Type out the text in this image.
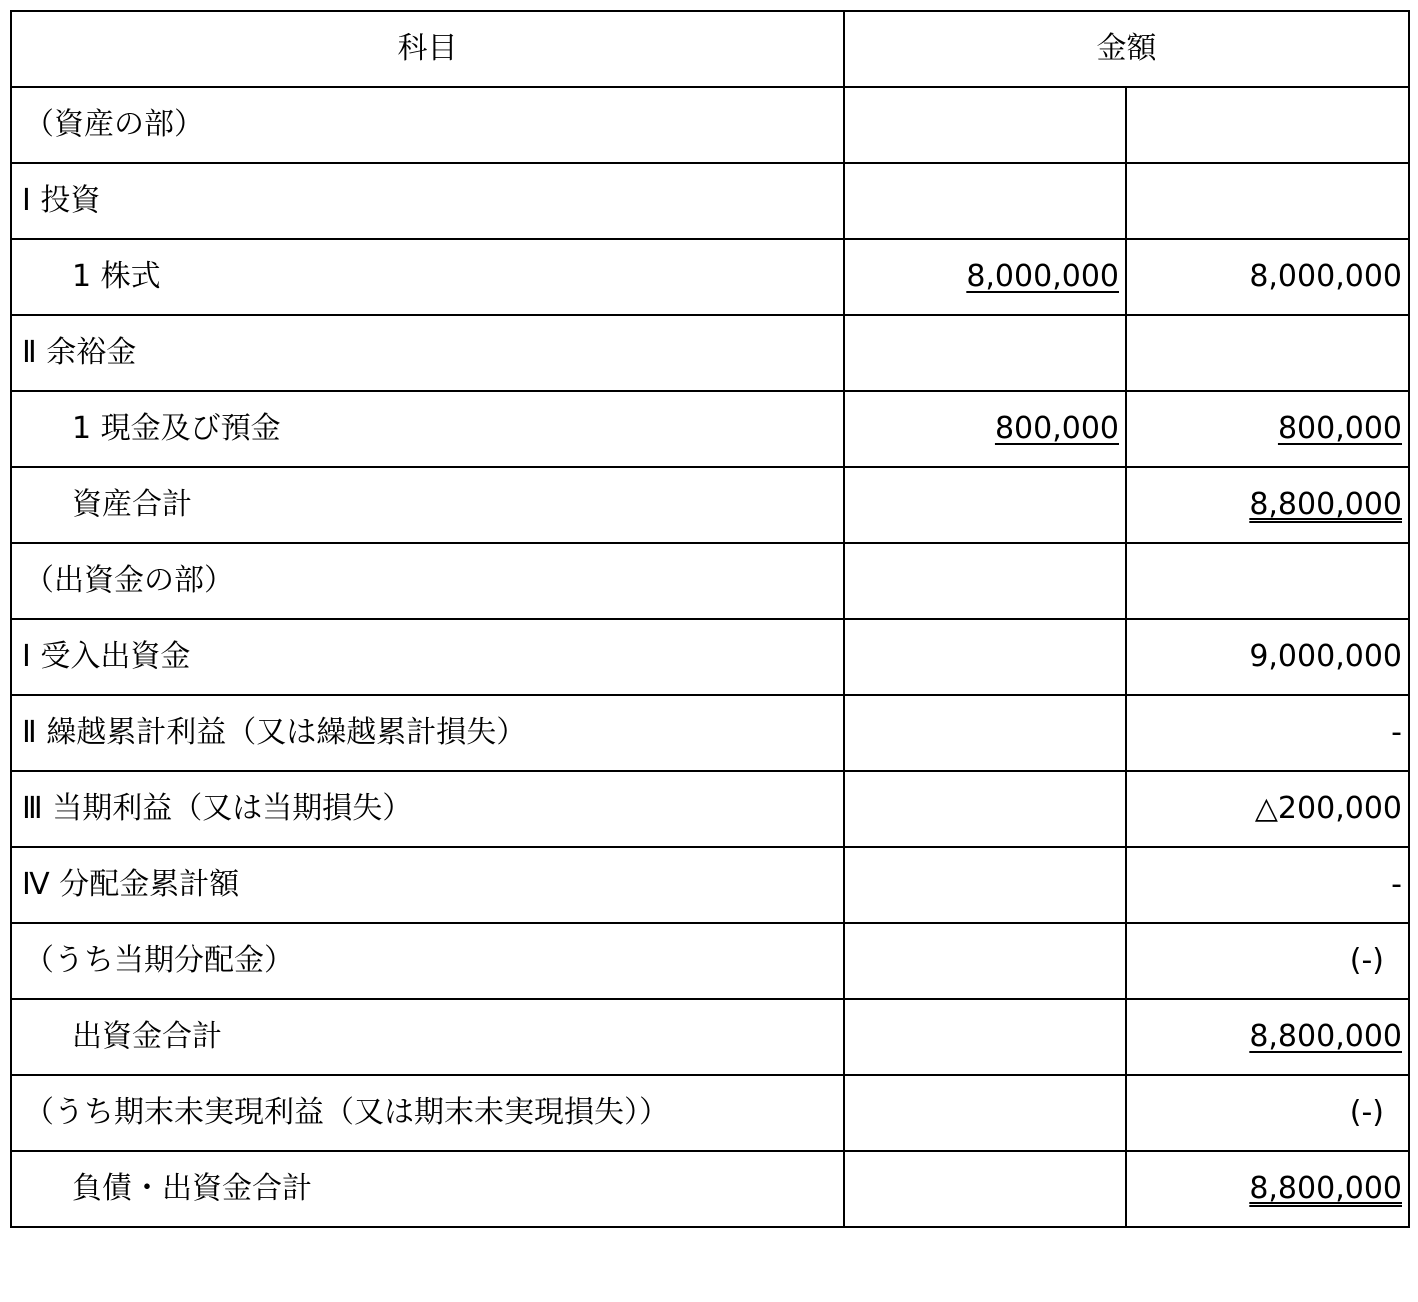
科目	金額	
（資産の部）		
Ⅰ 投資		
1 株式	8,000,000	8,000,000
Ⅱ 余裕金		
1 現金及び預金	800,000	800,000
資産合計		8,800,000
（出資金の部）		
Ⅰ 受入出資金		9,000,000
Ⅱ 繰越累計利益（又は繰越累計損失）		-
Ⅲ 当期利益（又は当期損失）		△200,000
Ⅳ 分配金累計額		-
（うち当期分配金）		(-)
出資金合計		8,800,000
（うち期末未実現利益（又は期末未実現損失））		(-)
負債・出資金合計		8,800,000
